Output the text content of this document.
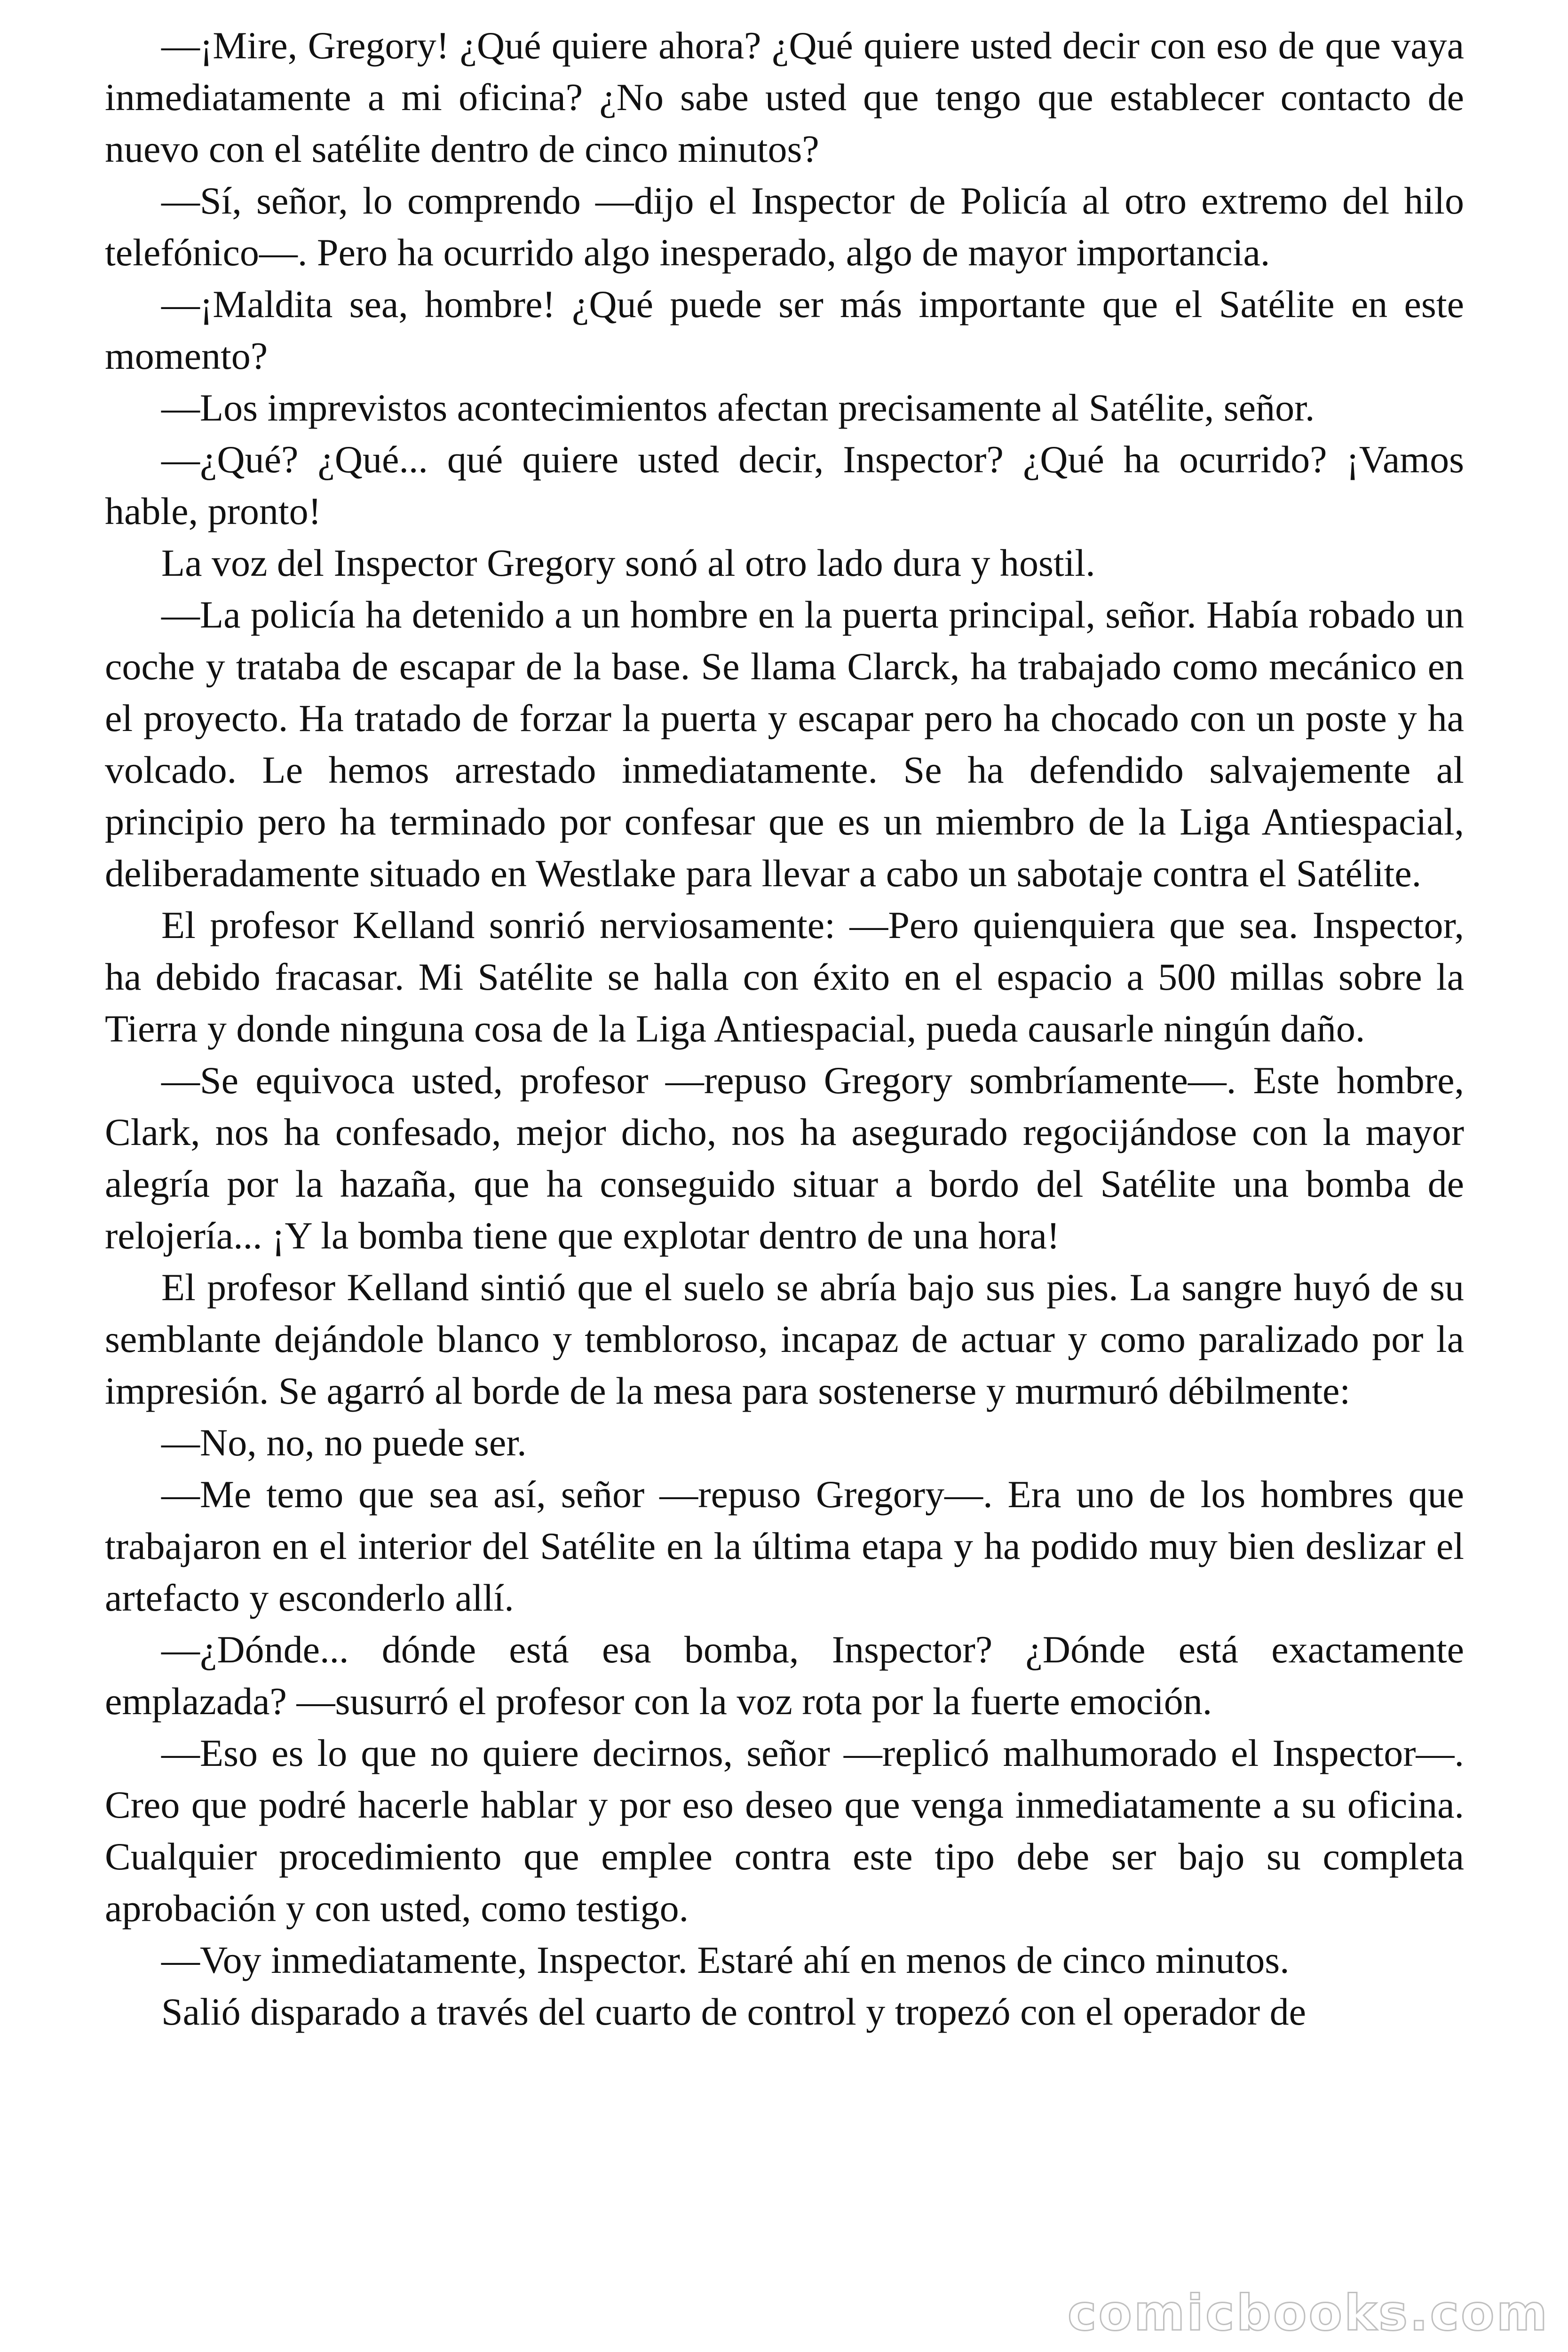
—¡Mire, Gregory! ¿Qué quiere ahora? ¿Qué quiere usted decir con eso de que vaya inmediatamente a mi oficina? ¿No sabe usted que tengo que establecer contacto de nuevo con el satélite dentro de cinco minutos?

—Sí, señor, lo comprendo —dijo el Inspector de Policía al otro extremo del hilo telefónico—. Pero ha ocurrido algo inesperado, algo de mayor importancia.

—¡Maldita sea, hombre! ¿Qué puede ser más importante que el Satélite en este momento?

—Los imprevistos acontecimientos afectan precisamente al Satélite, señor.

—¿Qué? ¿Qué... qué quiere usted decir, Inspector? ¿Qué ha ocurrido? ¡Vamos hable, pronto!

La voz del Inspector Gregory sonó al otro lado dura y hostil.

—La policía ha detenido a un hombre en la puerta principal, señor. Había robado un coche y trataba de escapar de la base. Se llama Clarck, ha trabajado como mecánico en el proyecto. Ha tratado de forzar la puerta y escapar pero ha chocado con un poste y ha volcado. Le hemos arrestado inmediatamente. Se ha defendido salvajemente al principio pero ha terminado por confesar que es un miembro de la Liga Antiespacial, deliberadamente situado en Westlake para llevar a cabo un sabotaje contra el Satélite.

El profesor Kelland sonrió nerviosamente: —Pero quienquiera que sea. Inspector, ha debido fracasar. Mi Satélite se halla con éxito en el espacio a 500 millas sobre la Tierra y donde ninguna cosa de la Liga Antiespacial, pueda causarle ningún daño.

—Se equivoca usted, profesor —repuso Gregory sombríamente—. Este hombre, Clark, nos ha confesado, mejor dicho, nos ha asegurado regocijándose con la mayor alegría por la hazaña, que ha conseguido situar a bordo del Satélite una bomba de relojería... ¡Y la bomba tiene que explotar dentro de una hora!

El profesor Kelland sintió que el suelo se abría bajo sus pies. La sangre huyó de su semblante dejándole blanco y tembloroso, incapaz de actuar y como paralizado por la impresión. Se agarró al borde de la mesa para sostenerse y murmuró débilmente:

—No, no, no puede ser.

—Me temo que sea así, señor —repuso Gregory—. Era uno de los hombres que trabajaron en el interior del Satélite en la última etapa y ha podido muy bien deslizar el artefacto y esconderlo allí.

—¿Dónde... dónde está esa bomba, Inspector? ¿Dónde está exactamente emplazada? —susurró el profesor con la voz rota por la fuerte emoción.

—Eso es lo que no quiere decirnos, señor —replicó malhumorado el Inspector—. Creo que podré hacerle hablar y por eso deseo que venga inmediatamente a su oficina. Cualquier procedimiento que emplee contra este tipo debe ser bajo su completa aprobación y con usted, como testigo.

—Voy inmediatamente, Inspector. Estaré ahí en menos de cinco minutos.

Salió disparado a través del cuarto de control y tropezó con el operador de

comicbooks.com
